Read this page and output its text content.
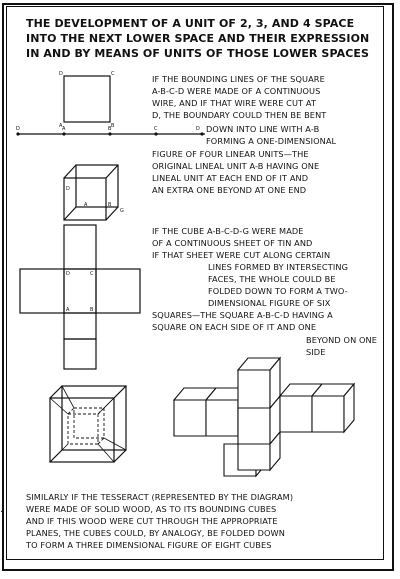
THE DEVELOPMENT OF A UNIT OF 2, 3, AND 4 SPACE
INTO THE NEXT LOWER SPACE AND THEIR EXPRESSION
IN AND BY MEANS OF UNITS OF THOSE LOWER SPACES
IF THE BOUNDING LINES OF THE SQUARE
A-B-C-D WERE MADE OF A CONTINUOUS
WIRE, AND IF THAT WIRE WERE CUT AT
D, THE BOUNDARY COULD THEN BE BENT
DOWN INTO LINE WITH A-B
FORMING A ONE-DIMENSIONAL
FIGURE OF FOUR LINEAR UNITS—THE
ORIGINAL LINEAL UNIT A-B HAVING ONE
LINEAL UNIT AT EACH END OF IT AND
AN EXTRA ONE BEYOND AT ONE END
IF THE CUBE A-B-C-D-G WERE MADE
OF A CONTINUOUS SHEET OF TIN AND
IF THAT SHEET WERE CUT ALONG CERTAIN
LINES FORMED BY INTERSECTING
FACES, THE WHOLE COULD BE
FOLDED DOWN TO FORM A TWO-
DIMENSIONAL FIGURE OF SIX
SQUARES—THE SQUARE A-B-C-D HAVING A
SQUARE ON EACH SIDE OF IT AND ONE
BEYOND ON ONE
SIDE
SIMILARLY IF THE TESSERACT (REPRESENTED BY THE DIAGRAM)
WERE MADE OF SOLID WOOD, AS TO ITS BOUNDING CUBES
AND IF THIS WOOD WERE CUT THROUGH THE APPROPRIATE
PLANES, THE CUBES COULD, BY ANALOGY, BE FOLDED DOWN
TO FORM A THREE DIMENSIONAL FIGURE OF EIGHT CUBES
.
A	B
C
D
D	A	B	C	D
D
A	B
G
D	C
A	B
